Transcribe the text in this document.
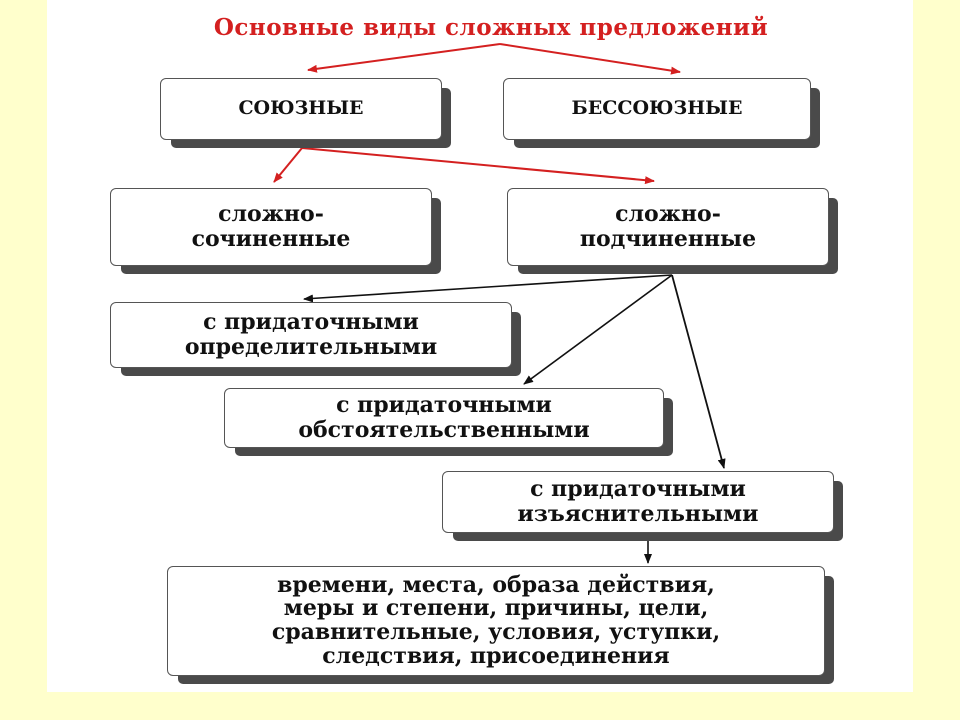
Основные виды сложных предложений
СОЮЗНЫЕ	БЕССОЮЗНЫЕ
сложно-
сочиненные
сложно-
подчиненные
с придаточными
определительными
с придаточными
обстоятельственными
с придаточными
изъяснительными
времени, места, образа действия,
меры и степени, причины, цели,
сравнительные, условия, уступки,
следствия, присоединения
